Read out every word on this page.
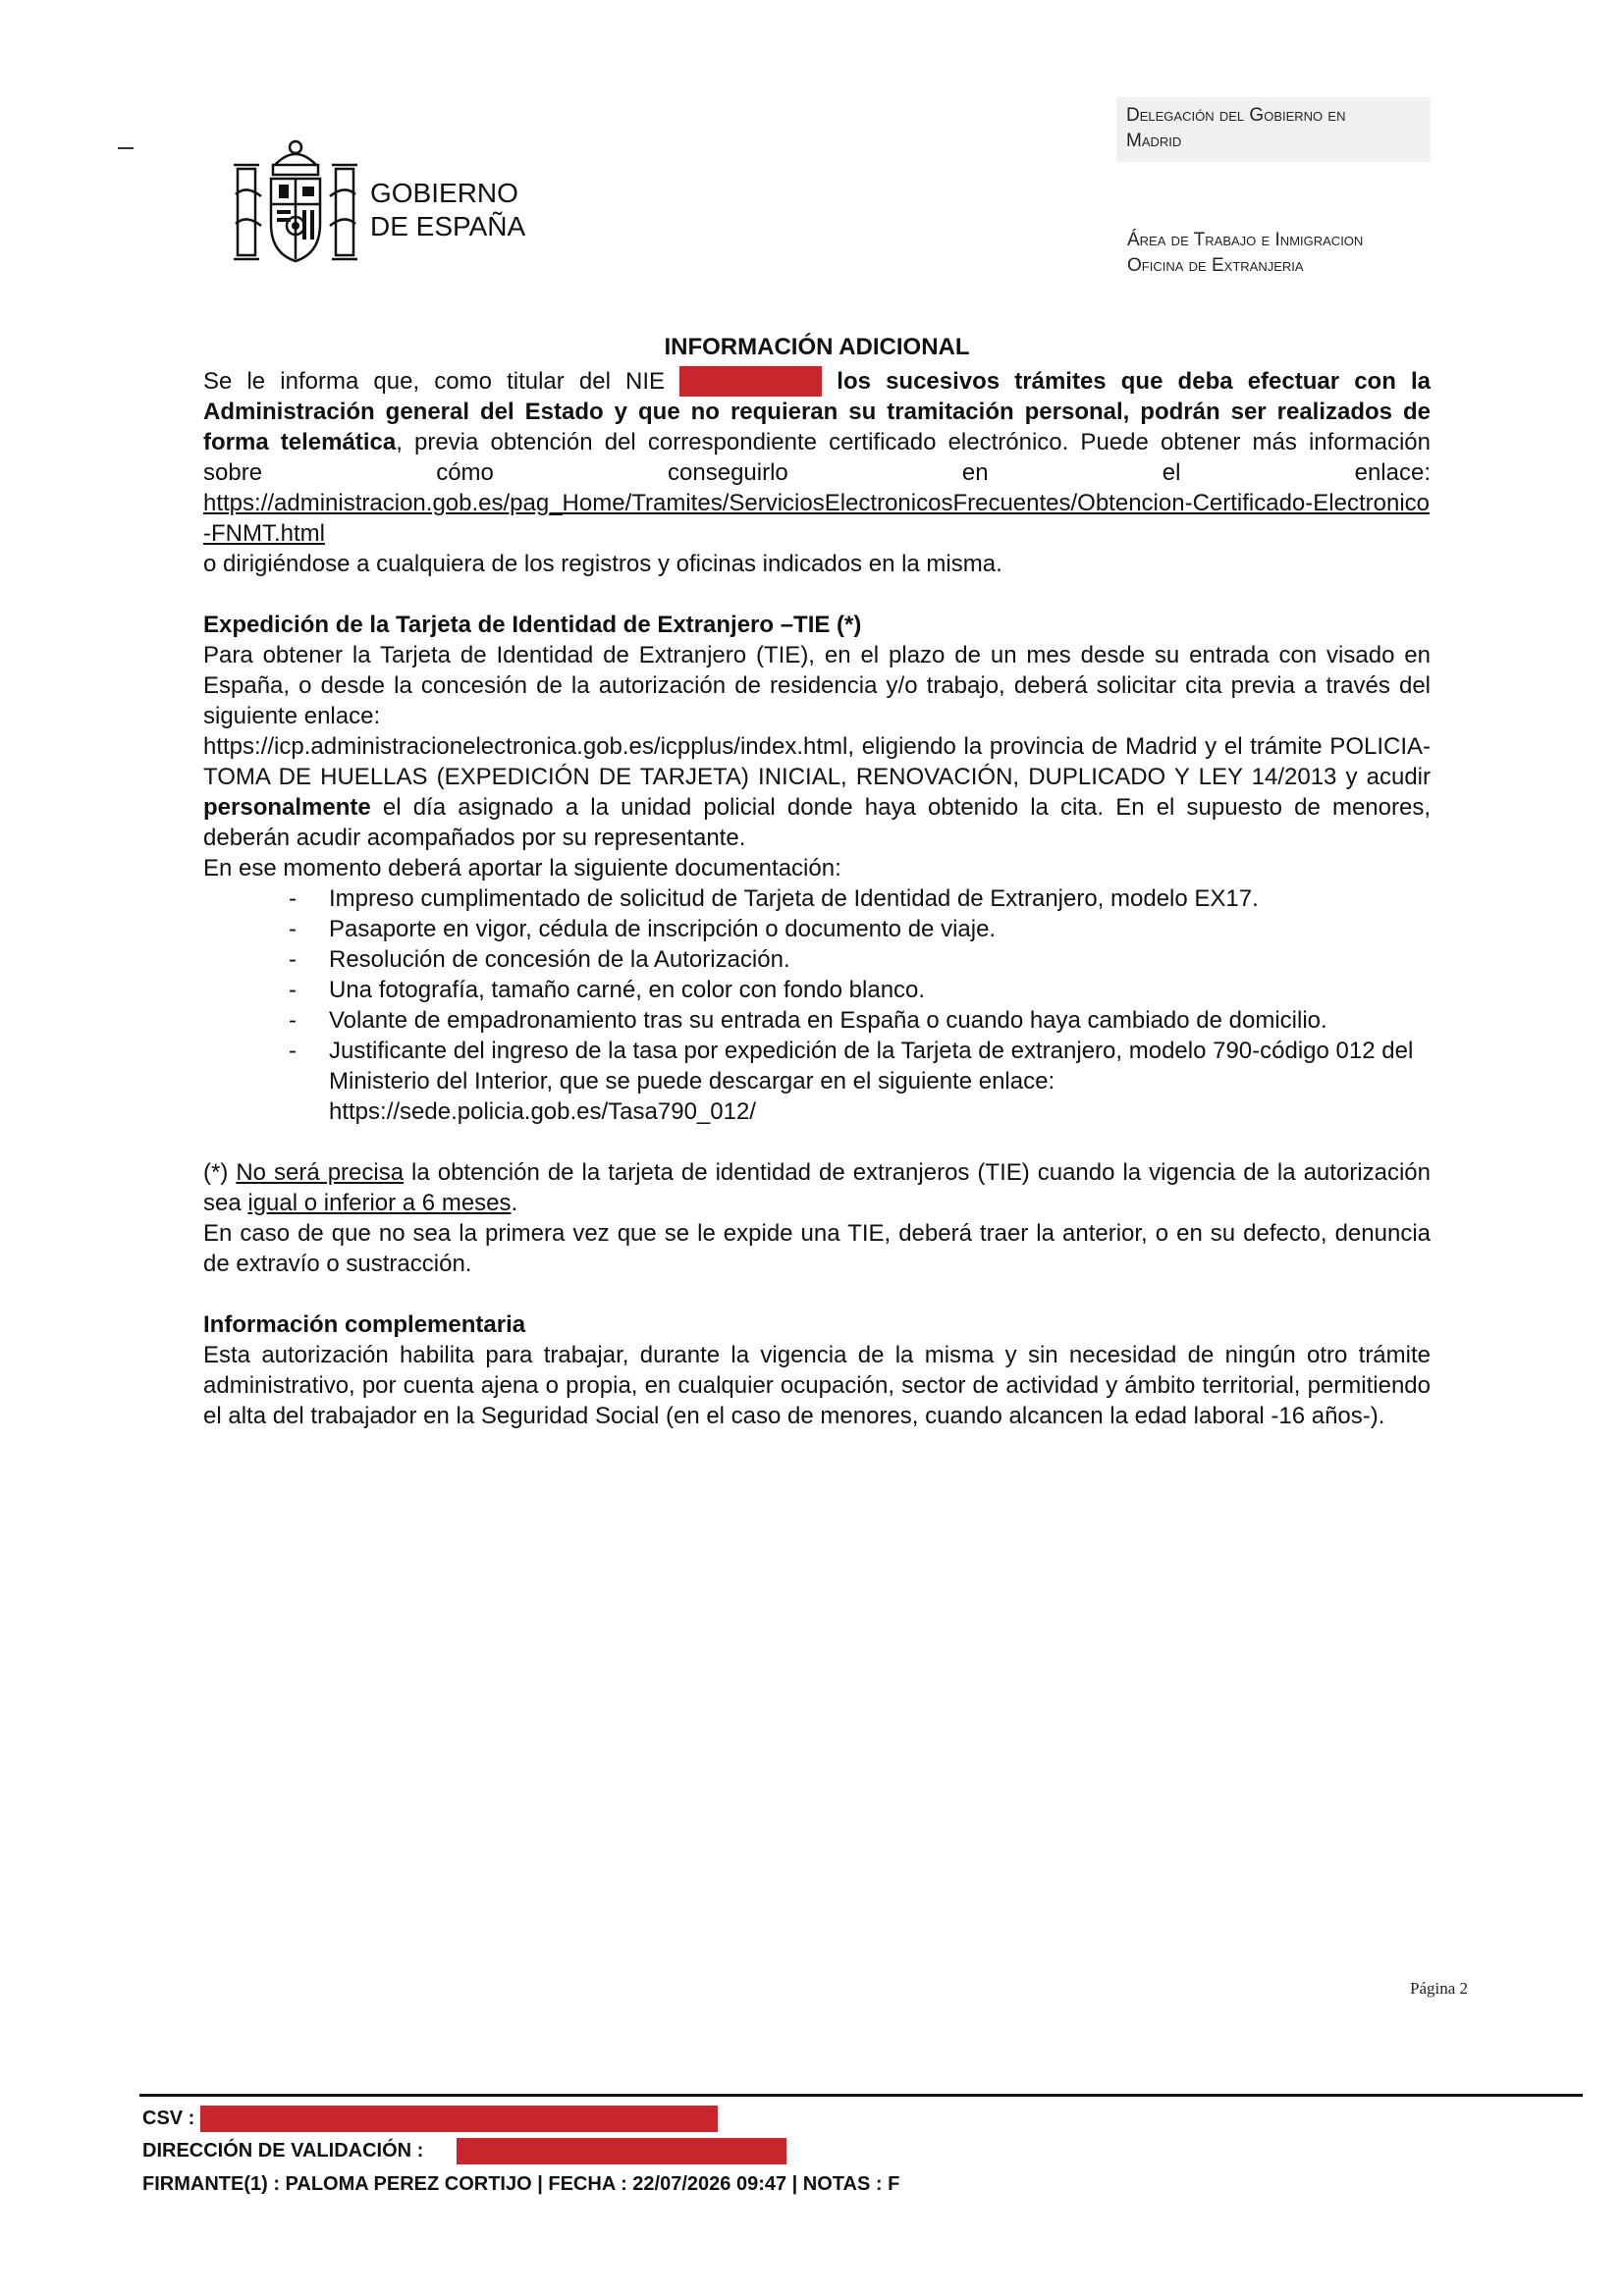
GOBIERNO
DE ESPAÑA
Delegación del Gobierno en
Madrid
Área de Trabajo e Inmigracion
Oficina de Extranjeria

INFORMACIÓN ADICIONAL

Se le informa que, como titular del NIE	los sucesivos trámites que deba efectuar con la Administración general del Estado y que no requieran su tramitación personal, podrán ser realizados de forma telemática, previa obtención del correspondiente certificado electrónico. Puede obtener más información sobre cómo conseguirlo en el enlace:

https://administracion.gob.es/pag_Home/Tramites/ServiciosElectronicosFrecuentes/Obtencion-Certificado-Electronico-FNMT.html

o dirigiéndose a cualquiera de los registros y oficinas indicados en la misma.

Expedición de la Tarjeta de Identidad de Extranjero –TIE (*)

Para obtener la Tarjeta de Identidad de Extranjero (TIE), en el plazo de un mes desde su entrada con visado en España, o desde la concesión de la autorización de residencia y/o trabajo, deberá solicitar cita previa a través del siguiente enlace:

https://icp.administracionelectronica.gob.es/icpplus/index.html, eligiendo la provincia de Madrid y el trámite POLICIA-TOMA DE HUELLAS (EXPEDICIÓN DE TARJETA) INICIAL, RENOVACIÓN, DUPLICADO Y LEY 14/2013 y acudir personalmente el día asignado a la unidad policial donde haya obtenido la cita. En el supuesto de menores, deberán acudir acompañados por su representante.

En ese momento deberá aportar la siguiente documentación:

- Impreso cumplimentado de solicitud de Tarjeta de Identidad de Extranjero, modelo EX17.
- Pasaporte en vigor, cédula de inscripción o documento de viaje.
- Resolución de concesión de la Autorización.
- Una fotografía, tamaño carné, en color con fondo blanco.
- Volante de empadronamiento tras su entrada en España o cuando haya cambiado de domicilio.
- Justificante del ingreso de la tasa por expedición de la Tarjeta de extranjero, modelo 790-código 012 del Ministerio del Interior, que se puede descargar en el siguiente enlace:
https://sede.policia.gob.es/Tasa790_012/

(*) No será precisa la obtención de la tarjeta de identidad de extranjeros (TIE) cuando la vigencia de la autorización sea igual o inferior a 6 meses.

En caso de que no sea la primera vez que se le expide una TIE, deberá traer la anterior, o en su defecto, denuncia de extravío o sustracción.

Información complementaria

Esta autorización habilita para trabajar, durante la vigencia de la misma y sin necesidad de ningún otro trámite administrativo, por cuenta ajena o propia, en cualquier ocupación, sector de actividad y ámbito territorial, permitiendo el alta del trabajador en la Seguridad Social (en el caso de menores, cuando alcancen la edad laboral -16 años-).

Página 2
CSV :
DIRECCIÓN DE VALIDACIÓN :
FIRMANTE(1) : PALOMA PEREZ CORTIJO | FECHA : 22/07/2026 09:47 | NOTAS : F
